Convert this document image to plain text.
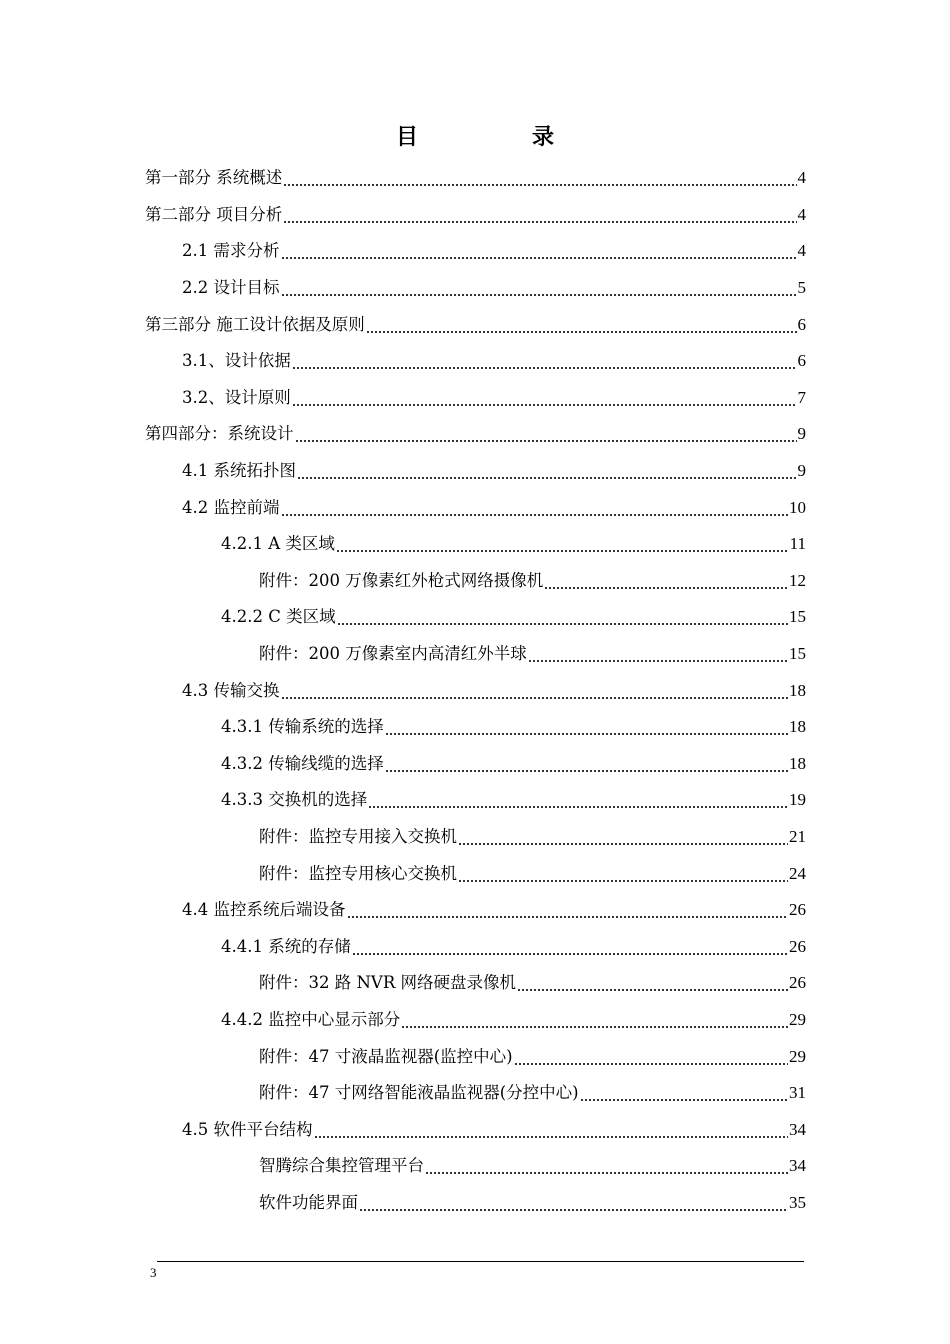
目　录
第一部分 系统概述	4
第二部分 项目分析	4
2.1 需求分析	4
2.2 设计目标	5
第三部分 施工设计依据及原则	6
3.1、设计依据	6
3.2、设计原则	7
第四部分：系统设计	9
4.1 系统拓扑图	9
4.2 监控前端	10
4.2.1 A 类区域	11
附件：200 万像素红外枪式网络摄像机	12
4.2.2 C 类区域	15
附件：200 万像素室内高清红外半球	15
4.3 传输交换	18
4.3.1 传输系统的选择	18
4.3.2 传输线缆的选择	18
4.3.3 交换机的选择	19
附件：监控专用接入交换机	21
附件：监控专用核心交换机	24
4.4 监控系统后端设备	26
4.4.1 系统的存储	26
附件：32 路 NVR 网络硬盘录像机	26
4.4.2 监控中心显示部分	29
附件：47 寸液晶监视器(监控中心)	29
附件：47 寸网络智能液晶监视器(分控中心)	31
4.5 软件平台结构	34
智腾综合集控管理平台	34
软件功能界面	35
3
